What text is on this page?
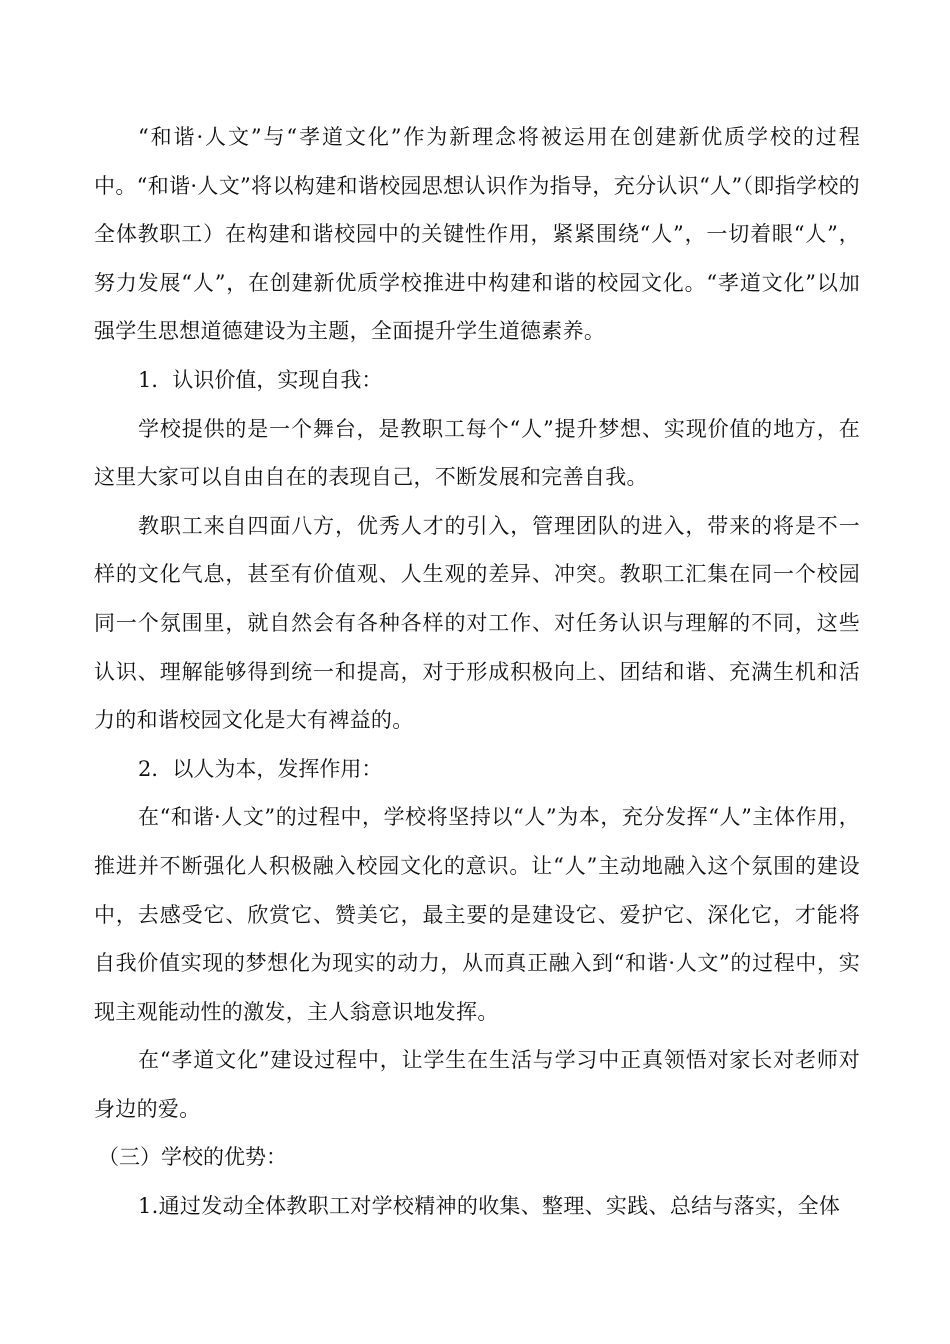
“和谐·人文”与“孝道文化”作为新理念将被运用在创建新优质学校的过程中。“和谐·人文”将以构建和谐校园思想认识作为指导，充分认识“人”（即指学校的全体教职工）在构建和谐校园中的关键性作用，紧紧围绕“人”，一切着眼“人”，努力发展“人”，在创建新优质学校推进中构建和谐的校园文化。“孝道文化”以加强学生思想道德建设为主题，全面提升学生道德素养。

1．认识价值，实现自我：

学校提供的是一个舞台，是教职工每个“人”提升梦想、实现价值的地方，在这里大家可以自由自在的表现自己，不断发展和完善自我。

教职工来自四面八方，优秀人才的引入，管理团队的进入，带来的将是不一样的文化气息，甚至有价值观、人生观的差异、冲突。教职工汇集在同一个校园同一个氛围里，就自然会有各种各样的对工作、对任务认识与理解的不同，这些认识、理解能够得到统一和提高，对于形成积极向上、团结和谐、充满生机和活力的和谐校园文化是大有裨益的。

2．以人为本，发挥作用：

在“和谐·人文”的过程中，学校将坚持以“人”为本，充分发挥“人”主体作用，推进并不断强化人积极融入校园文化的意识。让“人”主动地融入这个氛围的建设中，去感受它、欣赏它、赞美它，最主要的是建设它、爱护它、深化它，才能将自我价值实现的梦想化为现实的动力，从而真正融入到“和谐·人文”的过程中，实现主观能动性的激发，主人翁意识地发挥。

在“孝道文化”建设过程中，让学生在生活与学习中正真领悟对家长对老师对身边的爱。

（三）学校的优势：

1.通过发动全体教职工对学校精神的收集、整理、实践、总结与落实，全体
